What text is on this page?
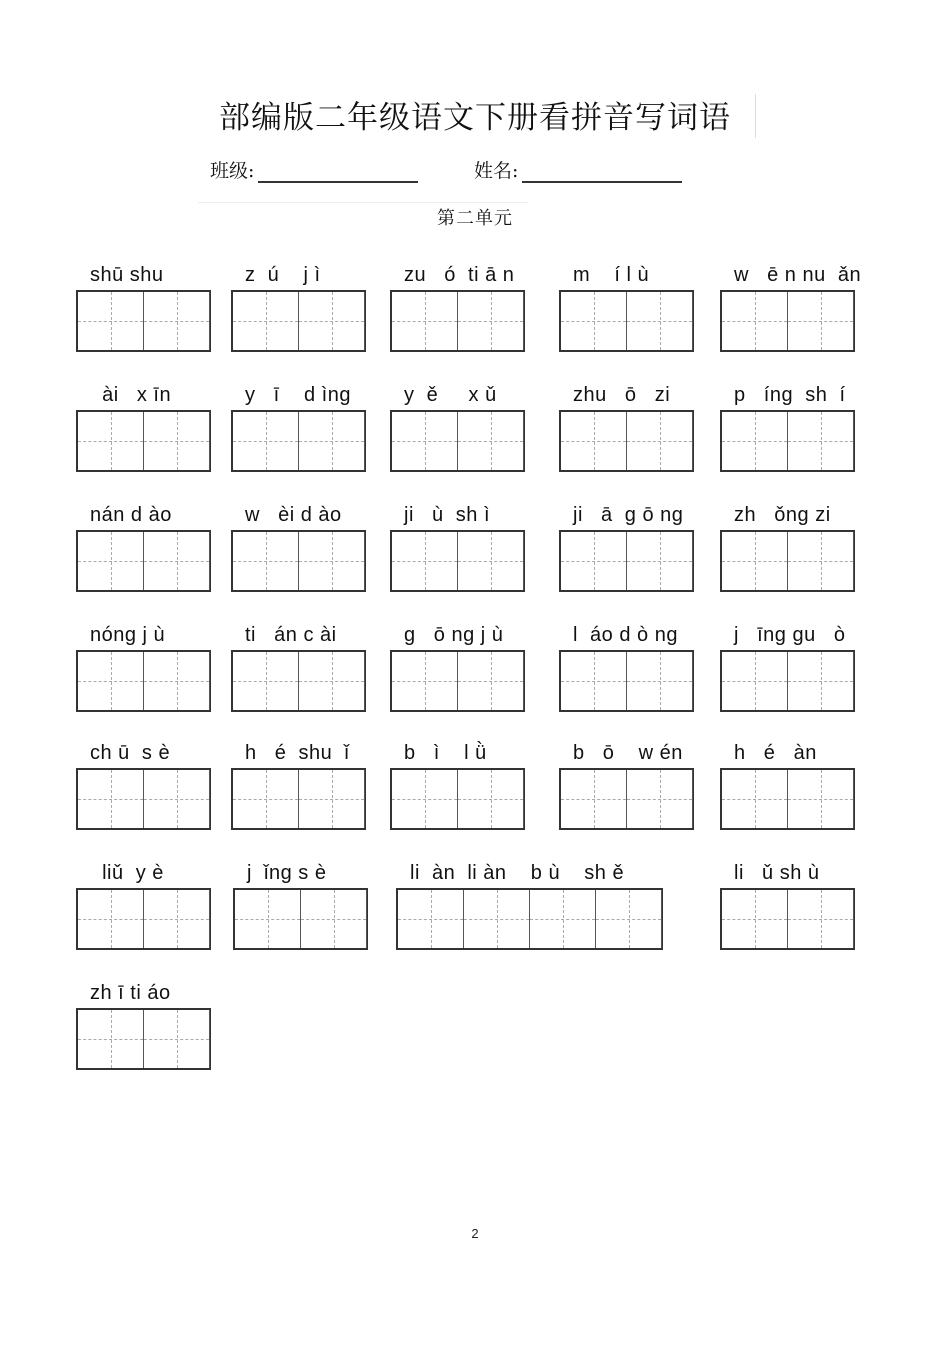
部编版二年级语文下册看拼音写词语
班级:	姓名:
第二单元
shū shu	z  ú    j ì	zu   ó  ti ā n	m    í l ù	w   ē n nu  ǎn
ài   x īn	y   ī    d ìng	y  ě     x ǔ	zhu   ō   zi	p   íng  sh  í
nán d ào	w   èi d ào	ji   ù  sh ì	ji   ā  g ō ng	zh   ǒng zi
nóng j ù	ti   án c ài	g   ō ng j ù	l  áo d ò ng	j   īng gu   ò
ch ū  s è	h   é  shu  ǐ	b   ì    l ǜ	b   ō    w én	h   é   àn
liǔ  y è	j  ǐng s è	li  àn  li àn    b ù    sh ě	li   ǔ sh ù
zh ī ti áo
2
